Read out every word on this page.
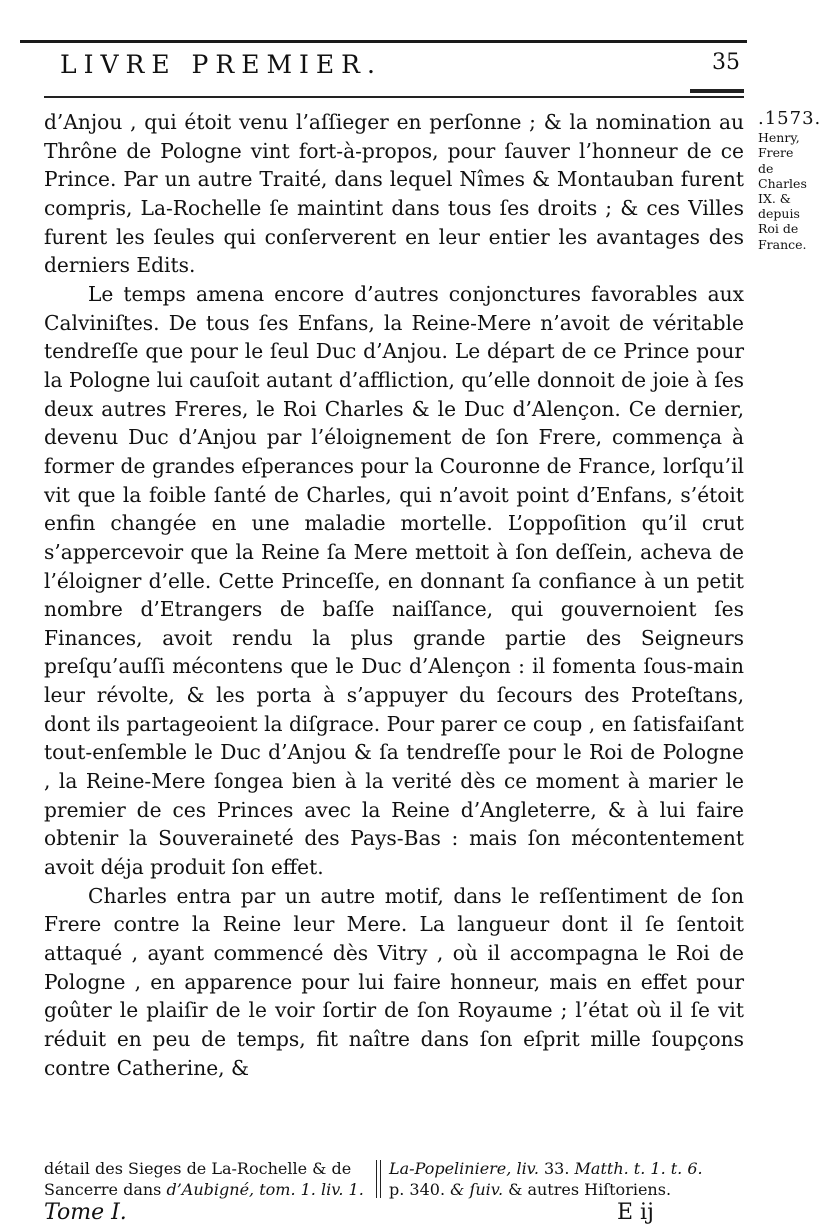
LIVRE PREMIER.	35

d’Anjou , qui étoit venu l’aſſieger en perſonne ; & la nomination au Thrône de Pologne vint fort-à-propos, pour ſauver l’honneur de ce Prince. Par un autre Traité, dans lequel Nîmes & Montauban furent compris, La-Rochelle ſe maintint dans tous ſes droits ; & ces Villes furent les ſeules qui conſerverent en leur entier les avantages des derniers Edits.

Le temps amena encore d’autres conjonctures favorables aux Calviniſtes. De tous ſes Enfans, la Reine-Mere n’avoit de véritable tendreſſe que pour le ſeul Duc d’Anjou. Le départ de ce Prince pour la Pologne lui cauſoit autant d’affliction, qu’elle donnoit de joie à ſes deux autres Freres, le Roi Charles & le Duc d’Alençon. Ce dernier, devenu Duc d’Anjou par l’éloignement de ſon Frere, commença à former de grandes eſperances pour la Couronne de France, lorſqu’il vit que la foible ſanté de Charles, qui n’avoit point d’Enfans, s’étoit enfin changée en une maladie mortelle. L’oppoſition qu’il crut s’appercevoir que la Reine ſa Mere mettoit à ſon deſſein, acheva de l’éloigner d’elle. Cette Princeſſe, en donnant ſa confiance à un petit nombre d’Etrangers de baſſe naiſſance, qui gouvernoient ſes Finances, avoit rendu la plus grande partie des Seigneurs preſqu’auſſi mécontens que le Duc d’Alençon : il fomenta ſous-main leur révolte, & les porta à s’appuyer du ſecours des Proteſtans, dont ils partageoient la diſgrace. Pour parer ce coup , en ſatisfaiſant tout-enſemble le Duc d’Anjou & ſa tendreſſe pour le Roi de Pologne , la Reine-Mere ſongea bien à la verité dès ce moment à marier le premier de ces Princes avec la Reine d’Angleterre, & à lui faire obtenir la Souveraineté des Pays-Bas : mais ſon mécontentement avoit déja produit ſon effet.

Charles entra par un autre motif, dans le reſſentiment de ſon Frere contre la Reine leur Mere. La langueur dont il ſe ſentoit attaqué , ayant commencé dès Vitry , où il accompagna le Roi de Pologne , en apparence pour lui faire honneur, mais en effet pour goûter le plaiſir de le voir ſortir de ſon Royaume ; l’état où il ſe vit réduit en peu de temps, fit naître dans ſon eſprit mille ſoupçons contre Catherine, &

.1573.
Henry, Frere de Charles IX. & depuis Roi de France.
détail des Sieges de La-Rochelle & de
Sancerre dans d’Aubigné, tom. 1. liv. 1.
La-Popeliniere, liv. 33. Matth. t. 1. t. 6.
p. 340. & ſuiv. & autres Hiſtoriens.
Tome I.	E ij
